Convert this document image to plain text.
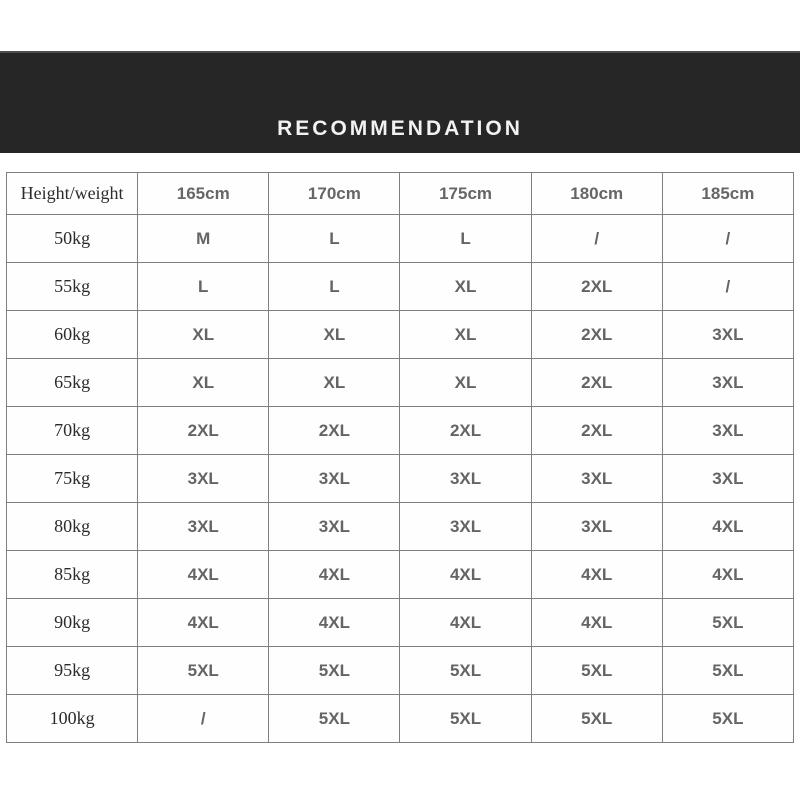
RECOMMENDATION
Height/weight	165cm	170cm	175cm	180cm	185cm
50kg	M	L	L	/	/
55kg	L	L	XL	2XL	/
60kg	XL	XL	XL	2XL	3XL
65kg	XL	XL	XL	2XL	3XL
70kg	2XL	2XL	2XL	2XL	3XL
75kg	3XL	3XL	3XL	3XL	3XL
80kg	3XL	3XL	3XL	3XL	4XL
85kg	4XL	4XL	4XL	4XL	4XL
90kg	4XL	4XL	4XL	4XL	5XL
95kg	5XL	5XL	5XL	5XL	5XL
100kg	/	5XL	5XL	5XL	5XL
